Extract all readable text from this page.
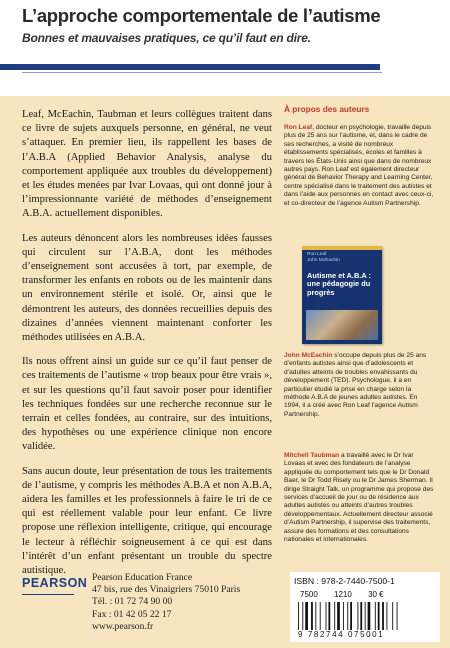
L’approche comportementale de l’autisme
Bonnes et mauvaises pratiques, ce qu’il faut en dire.

Leaf, McEachin, Taubman et leurs collègues traitent dans ce livre de sujets auxquels personne, en général, ne veut s’attaquer. En premier lieu, ils rappellent les bases de l’A.B.A (Applied Behavior Analysis, analyse du comportement appliquée aux troubles du développement) et les études menées par Ivar Lovaas, qui ont donné jour à l’impressionnante variété de méthodes d’enseignement A.B.A. actuellement disponibles.

Les auteurs dénoncent alors les nombreuses idées fausses qui circulent sur l’A.B.A, dont les méthodes d’enseignement sont accusées à tort, par exemple, de transformer les enfants en robots ou de les maintenir dans un environnement stérile et isolé. Or, ainsi que le démontrent les auteurs, des données recueillies depuis des dizaines d’années viennent maintenant conforter les méthodes utilisées en A.B.A.

Ils nous offrent ainsi un guide sur ce qu’il faut penser de ces traitements de l’autisme « trop beaux pour être vrais », et sur les questions qu’il faut savoir poser pour identifier les techniques fondées sur une recherche reconnue sur le terrain et celles fondées, au contraire, sur des intuitions, des hypothèses ou une expérience clinique non encore validée.

Sans aucun doute, leur présentation de tous les traitements de l’autisme, y compris les méthodes A.B.A et non A.B.A, aidera les familles et les professionnels à faire le tri de ce qui est réellement valable pour leur enfant. Ce livre propose une réflexion intelligente, critique, qui encourage le lecteur à réfléchir soigneusement à ce qui est dans l’intérêt d’un enfant présentant un trouble du spectre autistique.

À propos des auteurs

Ron Leaf, docteur en psychologie, travaille depuis plus de 25 ans sur l’autisme, et, dans le cadre de ses recherches, a visité de nombreux établissements spécialisés, écoles et familles à travers les États-Unis ainsi que dans de nombreux autres pays. Ron Leaf est également directeur général de Behavior Therapy and Learning Center, centre spécialisé dans le traitement des autistes et dans l’aide aux personnes en contact avec ceux-ci, et co-directeur de l’agence Autism Partnership.

Ron Leaf
John McEachin
Autisme et A.B.A : une pédagogie du progrès

John McEachin s’occupe depuis plus de 25 ans d’enfants autistes ainsi que d’adolescents et d’adultes atteints de troubles envahissants du développement (TED). Psychologue, il a en particulier étudié la prise en charge selon la méthode A.B.A de jeunes adultes autistes. En 1994, il a créé avec Ron Leaf l’agence Autism Partnership.

Mitchell Taubman a travaillé avec le Dr Ivar Lovaas et avec des fondateurs de l’analyse appliquée du comportement tels que le Dr Donald Baer, le Dr Todd Risely ou le Dr James Sherman. Il dirige Straight Talk, un programme qui propose des services d’accueil de jour ou de résidence aux adultes autistes ou atteints d’autres troubles développementaux. Actuellement directeur associé d’Autism Partnership, il supervise des traitements, assure des formations et des consultations nationales et internationales.

PEARSON Pearson Education France
47 bis, rue des Vinaigriers 75010 Paris
Tél. : 01 72 74 90 00
Fax : 01 42 05 22 17
www.pearson.fr
ISBN : 978-2-7440-7500-1
7500 1210 30 €
9 782744 075001
